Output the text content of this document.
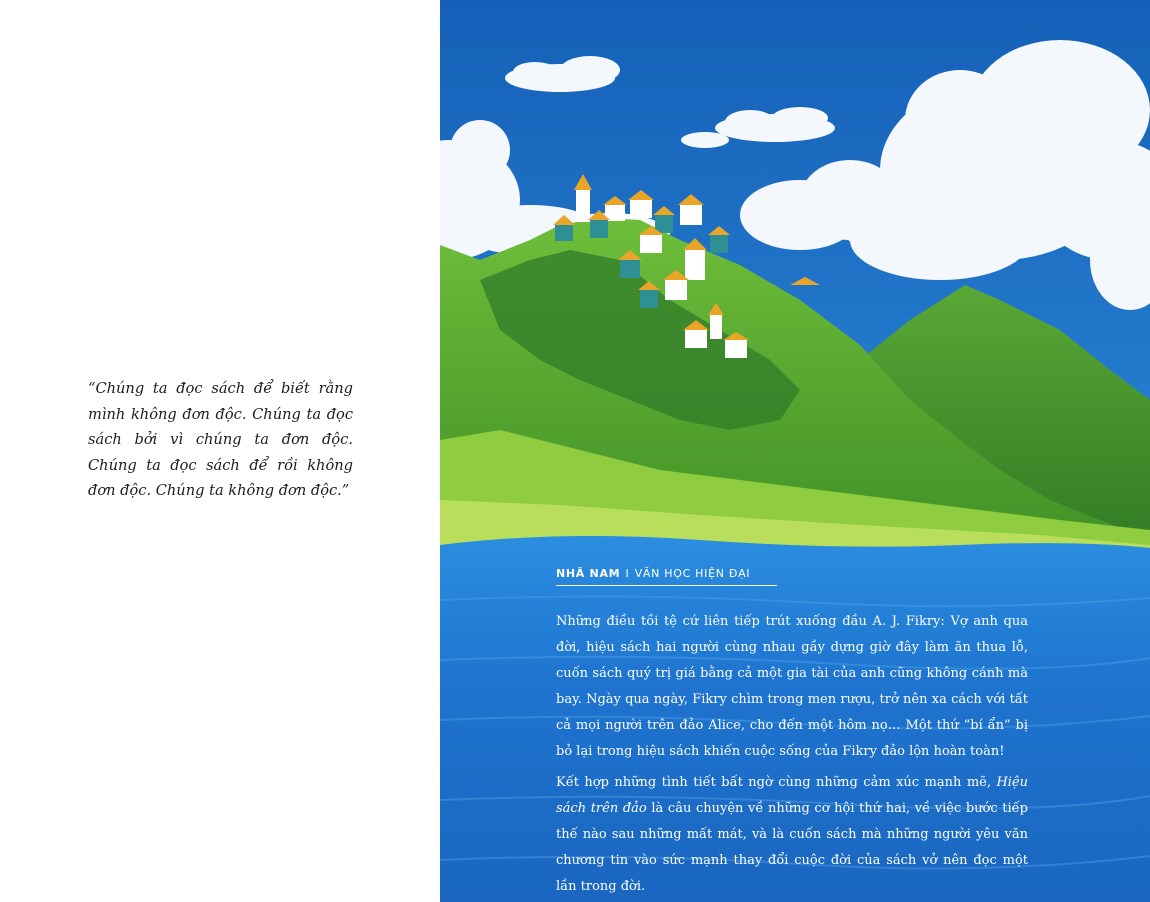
“Chúng ta đọc sách để biết rằng mình không đơn độc. Chúng ta đọc sách bởi vì chúng ta đơn độc. Chúng ta đọc sách để rồi không đơn độc. Chúng ta không đơn độc.”
NHÃ NAM I VĂN HỌC HIỆN ĐẠI

Những điều tồi tệ cứ liên tiếp trút xuống đầu A. J. Fikry: Vợ anh qua đời, hiệu sách hai người cùng nhau gầy dựng giờ đây làm ăn thua lỗ, cuốn sách quý trị giá bằng cả một gia tài của anh cũng không cánh mà bay. Ngày qua ngày, Fikry chìm trong men rượu, trở nên xa cách với tất cả mọi người trên đảo Alice, cho đến một hôm nọ… Một thứ “bí ẩn” bị bỏ lại trong hiệu sách khiến cuộc sống của Fikry đảo lộn hoàn toàn!

Kết hợp những tình tiết bất ngờ cùng những cảm xúc mạnh mẽ, Hiệu sách trên đảo là câu chuyện về những cơ hội thứ hai, về việc bước tiếp thế nào sau những mất mát, và là cuốn sách mà những người yêu văn chương tin vào sức mạnh thay đổi cuộc đời của sách vở nên đọc một lần trong đời.
